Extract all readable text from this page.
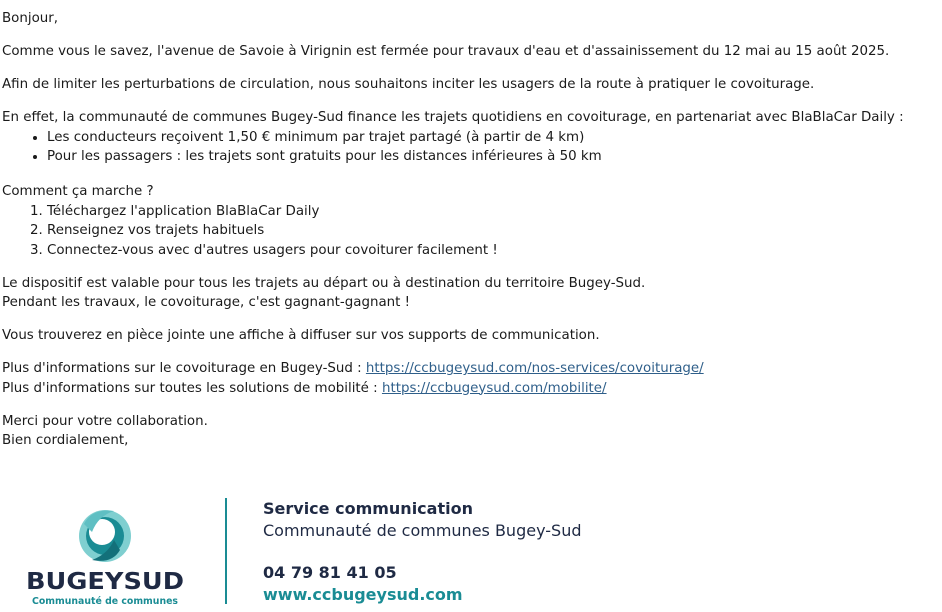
Bonjour,

Comme vous le savez, l'avenue de Savoie à Virignin est fermée pour travaux d'eau et d'assainissement du 12 mai au 15 août 2025.

Afin de limiter les perturbations de circulation, nous souhaitons inciter les usagers de la route à pratiquer le covoiturage.

En effet, la communauté de communes Bugey-Sud finance les trajets quotidiens en covoiturage, en partenariat avec BlaBlaCar Daily :

• Les conducteurs reçoivent 1,50 € minimum par trajet partagé (à partir de 4 km)
• Pour les passagers : les trajets sont gratuits pour les distances inférieures à 50 km

Comment ça marche ?

1. Téléchargez l'application BlaBlaCar Daily
2. Renseignez vos trajets habituels
3. Connectez-vous avec d'autres usagers pour covoiturer facilement !

Le dispositif est valable pour tous les trajets au départ ou à destination du territoire Bugey-Sud.

Pendant les travaux, le covoiturage, c'est gagnant-gagnant !

Vous trouverez en pièce jointe une affiche à diffuser sur vos supports de communication.

Plus d'informations sur le covoiturage en Bugey-Sud : https://ccbugeysud.com/nos-services/covoiturage/

Plus d'informations sur toutes les solutions de mobilité : https://ccbugeysud.com/mobilite/

Merci pour votre collaboration.

Bien cordialement,

BUGEYSUD
Communauté de communes
Service communication
Communauté de communes Bugey-Sud
04 79 81 41 05
www.ccbugeysud.com
